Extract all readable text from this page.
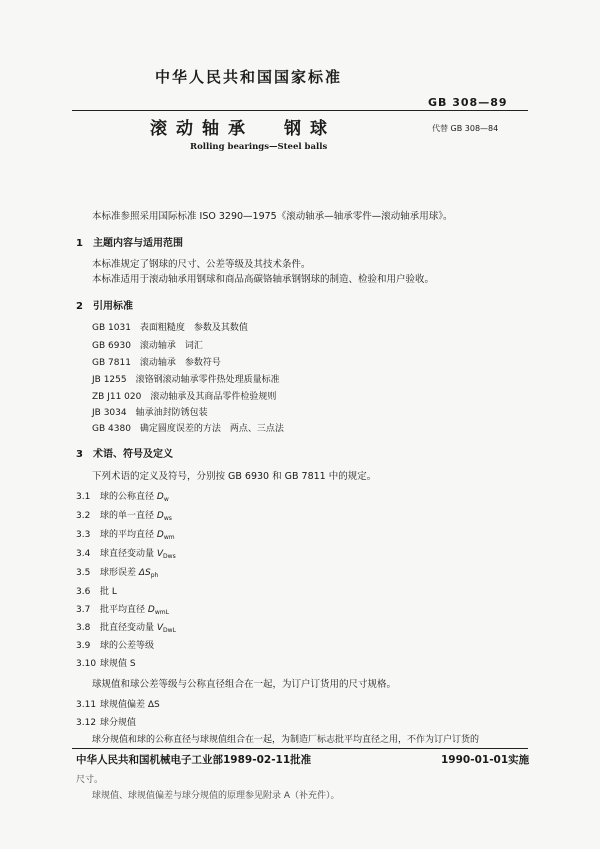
中华人民共和国国家标准
GB 308—89
滚动轴承 钢球	代替 GB 308—84
Rolling bearings—Steel balls
本标准参照采用国际标准 ISO 3290—1975《滚动轴承—轴承零件—滚动轴承用球》。
1　主题内容与适用范围
本标准规定了钢球的尺寸、公差等级及其技术条件。
本标准适用于滚动轴承用钢球和商品高碳铬轴承钢钢球的制造、检验和用户验收。
2　引用标准
GB 1031　表面粗糙度　参数及其数值
GB 6930　滚动轴承　词汇
GB 7811　滚动轴承　参数符号
JB 1255　滚铬钢滚动轴承零件热处理质量标准
ZB J11 020　滚动轴承及其商品零件检验规则
JB 3034　轴承油封防锈包装
GB 4380　确定圆度误差的方法　两点、三点法
3　术语、符号及定义
下列术语的定义及符号，分别按 GB 6930 和 GB 7811 中的规定。
3.1 球的公称直径 $D_w$
3.2 球的单一直径 $D_{ws}$
3.3 球的平均直径 $D_{wm}$
3.4 球直径变动量 $V_{Dws}$
3.5 球形误差 $\Delta S_{ph}$
3.6 批 L
3.7 批平均直径 $D_{wmL}$
3.8 批直径变动量 $V_{DwL}$
3.9 球的公差等级
3.10 球规值 S
球规值和球公差等级与公称直径组合在一起，为订户订货用的尺寸规格。
3.11 球规值偏差 ΔS
3.12 球分规值
球分规值和球的公称直径与球规值组合在一起，为制造厂标志批平均直径之用，不作为订户订货的
中华人民共和国机械电子工业部1989-02-11批准	1990-01-01实施
尺寸。
球规值、球规值偏差与球分规值的原理参见附录 A（补充件）。
